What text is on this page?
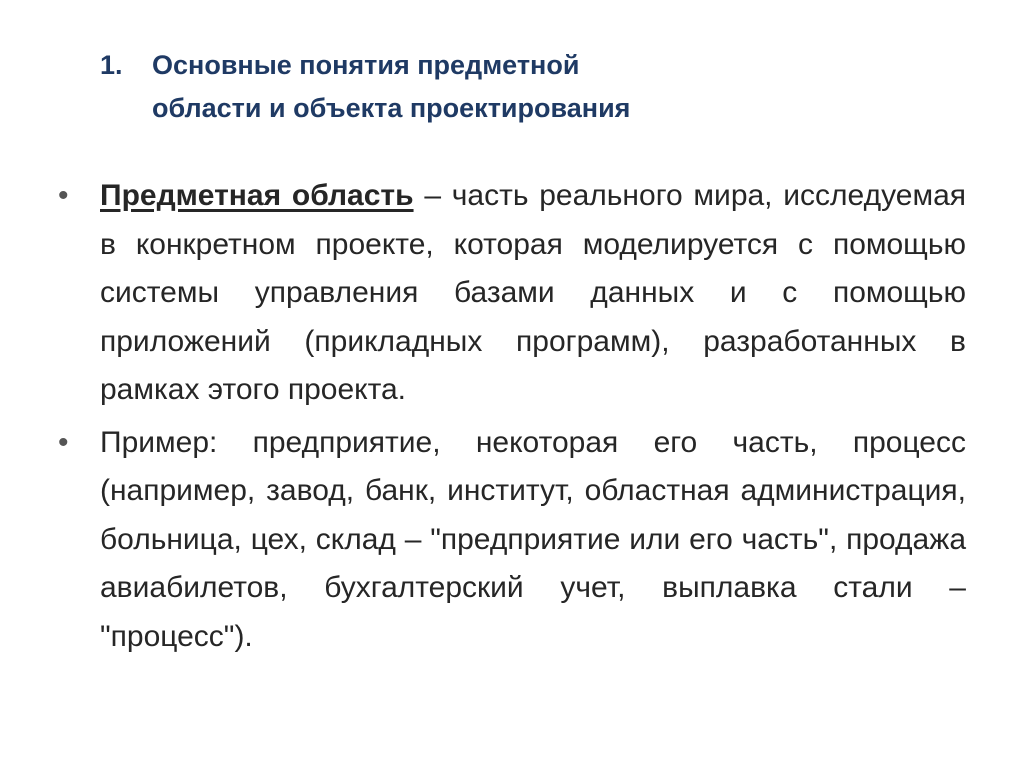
1.	Основные понятия предметной
области и объекта проектирования
•	Предметная область – часть реального мира, исследуемая в конкретном проекте, которая моделируется с помощью системы управления базами данных и с помощью приложений (прикладных программ), разработанных в рамках этого проекта.
•	Пример: предприятие, некоторая его часть, процесс (например, завод, банк, институт, областная администрация, больница, цех, склад – "предприятие или его часть", продажа авиабилетов, бухгалтерский учет, выплавка стали – "процесс").
